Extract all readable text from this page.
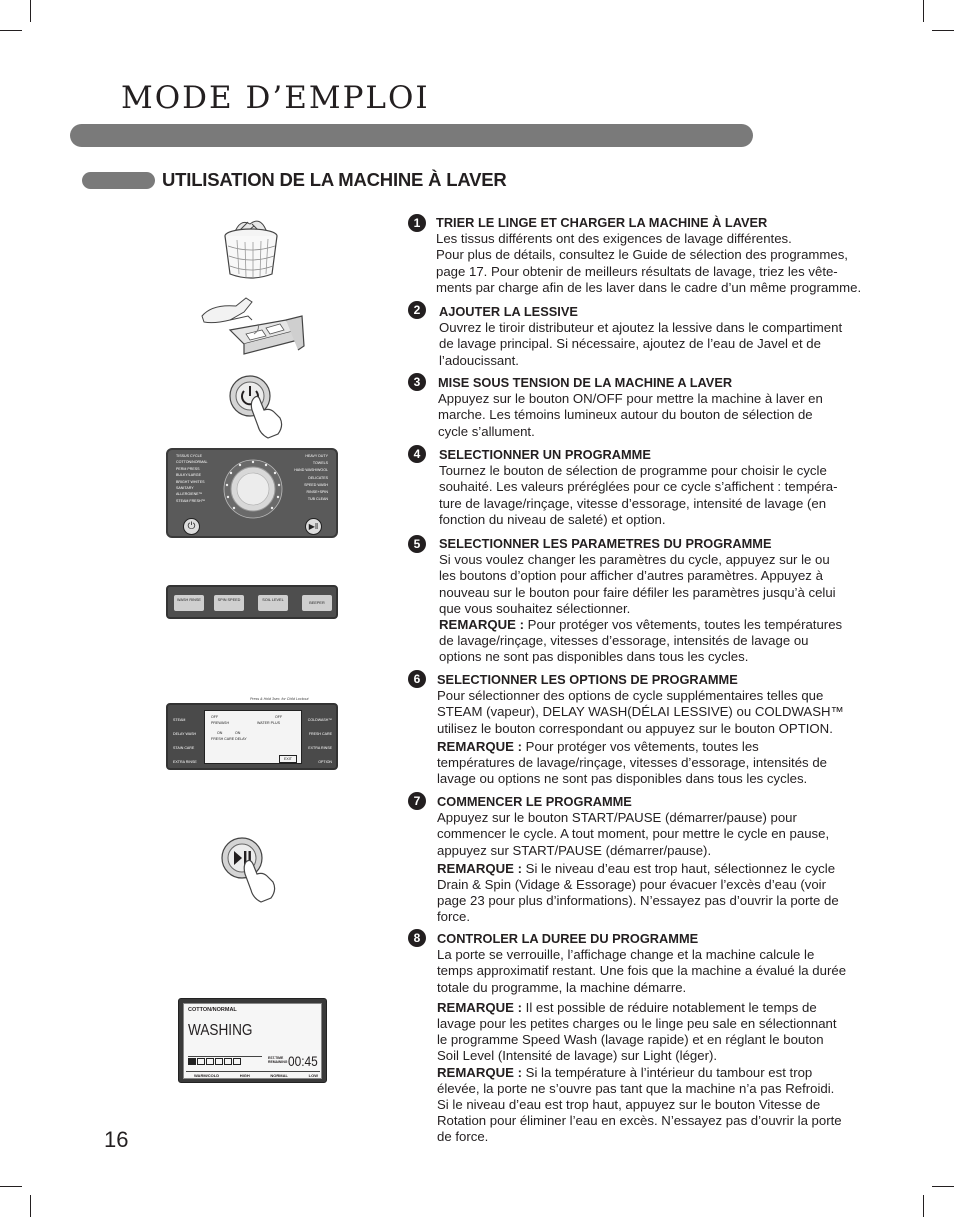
MODE D’EMPLOI
UTILISATION DE LA MACHINE À LAVER
TISSUS CYCLE
COTTON/NORMAL
PERM PRESS
BULKY/LARGE
BRIGHT WHITES
SANITARY
ALLERGIENE™
STEAM FRESH™
HEAVY DUTY
TOWELS
HAND WASH/WOOL
DELICATES
SPEED WASH
RINSE+SPIN
TUB CLEAN
⏻	▶︎‖
WASH RINSE	SPIN SPEED	SOIL LEVEL
BEEPER
Press & Hold 3sec. for Child Lockout
STEAM
DELAY WASH
STAIN CARE
EXTRA RINSE
OFF	OFF
PREWASH	WATER PLUS
ON	ON
FRESH CARE DELAY
EXIT
COLDWASH™
FRESH CARE
EXTRA RINSE
OPTION
COTTON/NORMAL
WASHING
EST.TIME REMAINING 00:45
WARM/COLD	HIGH	NORMAL	LOW
1	TRIER LE LINGE ET CHARGER LA MACHINE À LAVER
Les tissus différents ont des exigences de lavage différentes.
Pour plus de détails, consultez le Guide de sélection des programmes,
page 17. Pour obtenir de meilleurs résultats de lavage, triez les vête-
ments par charge afin de les laver dans le cadre d’un même programme.
2	AJOUTER LA LESSIVE
Ouvrez le tiroir distributeur et ajoutez la lessive dans le compartiment
de lavage principal. Si nécessaire, ajoutez de l’eau de Javel et de
l’adoucissant.
3	MISE SOUS TENSION DE LA MACHINE A LAVER
Appuyez sur le bouton ON/OFF pour mettre la machine à laver en
marche. Les témoins lumineux autour du bouton de sélection de
cycle s’allument.
4	SELECTIONNER UN PROGRAMME
Tournez le bouton de sélection de programme pour choisir le cycle
souhaité. Les valeurs préréglées pour ce cycle s’affichent : tempéra-
ture de lavage/rinçage, vitesse d’essorage, intensité de lavage (en
fonction du niveau de saleté) et option.
5	SELECTIONNER LES PARAMETRES DU PROGRAMME
Si vous voulez changer les paramètres du cycle, appuyez sur le ou
les boutons d’option pour afficher d’autres paramètres. Appuyez à
nouveau sur le bouton pour faire défiler les paramètres jusqu’à celui
que vous souhaitez sélectionner.
REMARQUE : Pour protéger vos vêtements, toutes les températures
de lavage/rinçage, vitesses d’essorage, intensités de lavage ou
options ne sont pas disponibles dans tous les cycles.
6	SELECTIONNER LES OPTIONS DE PROGRAMME
Pour sélectionner des options de cycle supplémentaires telles que
STEAM (vapeur), DELAY WASH(DÉLAI LESSIVE) ou COLDWASH™
utilisez le bouton correspondant ou appuyez sur le bouton OPTION.
REMARQUE : Pour protéger vos vêtements, toutes les
températures de lavage/rinçage, vitesses d’essorage, intensités de
lavage ou options ne sont pas disponibles dans tous les cycles.
7	COMMENCER LE PROGRAMME
Appuyez sur le bouton START/PAUSE (démarrer/pause) pour
commencer le cycle. A tout moment, pour mettre le cycle en pause,
appuyez sur START/PAUSE (démarrer/pause).
REMARQUE : Si le niveau d’eau est trop haut, sélectionnez le cycle
Drain & Spin (Vidage & Essorage) pour évacuer l’excès d’eau (voir
page 23 pour plus d’informations). N’essayez pas d’ouvrir la porte de
force.
8	CONTROLER LA DUREE DU PROGRAMME
La porte se verrouille, l’affichage change et la machine calcule le
temps approximatif restant. Une fois que la machine a évalué la durée
totale du programme, la machine démarre.
REMARQUE : Il est possible de réduire notablement le temps de
lavage pour les petites charges ou le linge peu sale en sélectionnant
le programme Speed Wash (lavage rapide) et en réglant le bouton
Soil Level (Intensité de lavage) sur Light (léger).
REMARQUE : Si la température à l’intérieur du tambour est trop
élevée, la porte ne s’ouvre pas tant que la machine n’a pas Refroidi.
Si le niveau d’eau est trop haut, appuyez sur le bouton Vitesse de
Rotation pour éliminer l’eau en excès. N’essayez pas d’ouvrir la porte
de force.
16
